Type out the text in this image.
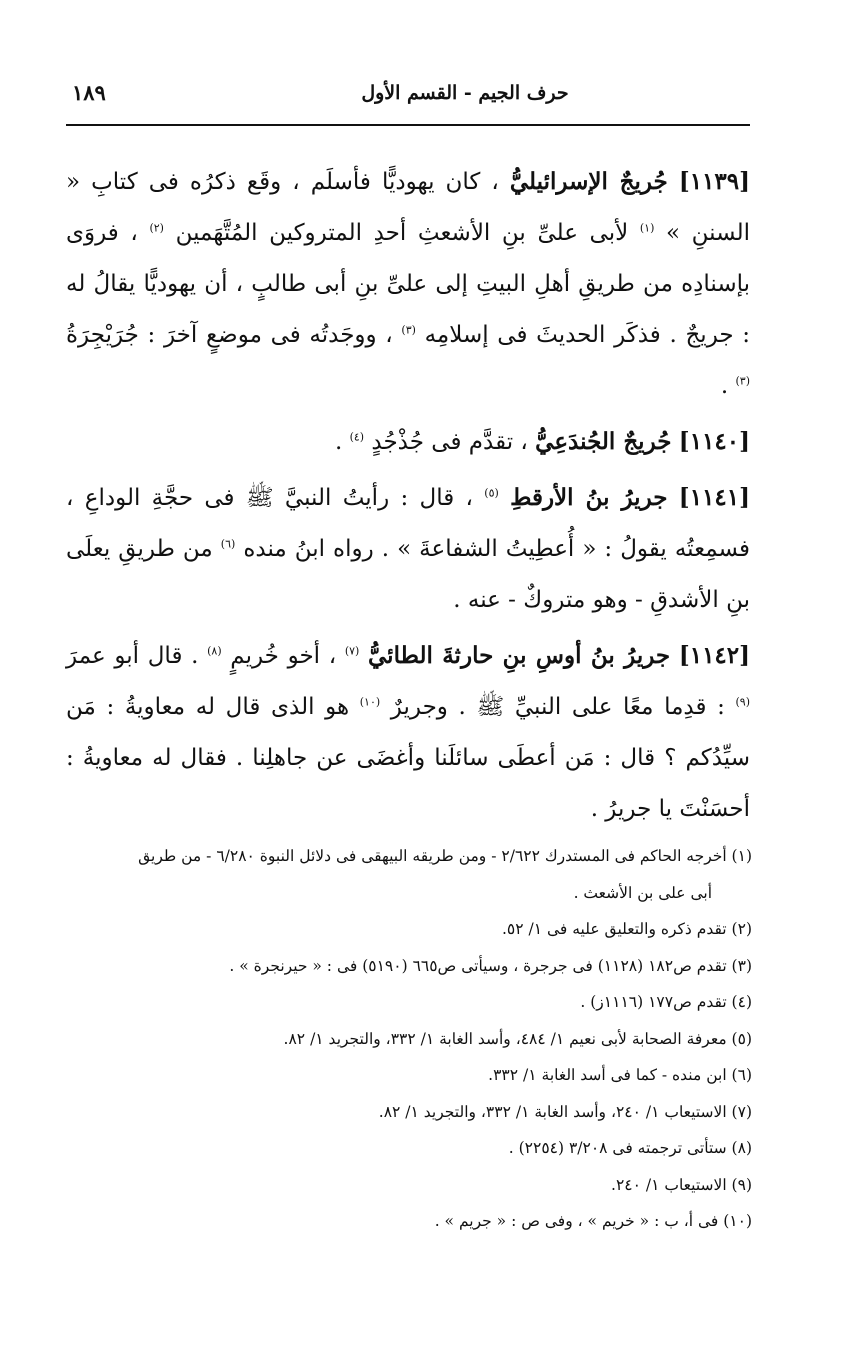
حرف الجيم - القسم الأول
١٨٩

[١١٣٩] جُريجٌ الإسرائيليُّ ، كان يهوديًّا فأسلَم ، وقَع ذكرُه فى كتابِ « السننِ » $^{(١)}$ لأبى علىِّ بنِ الأشعثِ أحدِ المتروكين المُتَّهَمين $^{(٢)}$ ، فروَى بإسنادِه من طريقِ أهلِ البيتِ إلى علىِّ بنِ أبى طالبٍ ، أن يهوديًّا يقالُ له : جريجٌ . فذكَر الحديثَ فى إسلامِه $^{(٣)}$ ، ووجَدتُه فى موضعٍ آخرَ : جُرَيْجِرَةُ $^{(٣)}$ .

[١١٤٠] جُريجٌ الجُندَعِيُّ ، تقدَّم فى جُذْجُدٍ $^{(٤)}$ .

[١١٤١] جريرُ بنُ الأرقطِ $^{(٥)}$ ، قال : رأيتُ النبيَّ ﷺ فى حجَّةِ الوداعِ ، فسمِعتُه يقولُ : « أُعطِيتُ الشفاعةَ » . رواه ابنُ منده $^{(٦)}$ من طريقِ يعلَى بنِ الأشدقِ - وهو متروكٌ - عنه .

[١١٤٢] جريرُ بنُ أوسِ بنِ حارثةَ الطائيُّ $^{(٧)}$ ، أخو خُريمٍ $^{(٨)}$ . قال أبو عمرَ $^{(٩)}$ : قدِما معًا على النبيِّ ﷺ . وجريرٌ $^{(١٠)}$ هو الذى قال له معاويةُ : مَن سيِّدُكم ؟ قال : مَن أعطَى سائلَنا وأغضَى عن جاهلِنا . فقال له معاويةُ : أحسَنْتَ يا جريرُ .

(١) أخرجه الحاكم فى المستدرك ٢/٦٢٢ - ومن طريقه البيهقى فى دلائل النبوة ٦/٢٨٠ - من طريق

أبى على بن الأشعث .

(٢) تقدم ذكره والتعليق عليه فى ١/ ٥٢.

(٣) تقدم ص١٨٢ (١١٢٨) فى جرجرة ، وسيأتى ص٦٦٥ (٥١٩٠) فى : « حيرنجرة » .

(٤) تقدم ص١٧٧ (١١١٦ز) .

(٥) معرفة الصحابة لأبى نعيم ١/ ٤٨٤، وأسد الغابة ١/ ٣٣٢، والتجريد ١/ ٨٢.

(٦) ابن منده - كما فى أسد الغابة ١/ ٣٣٢.

(٧) الاستيعاب ١/ ٢٤٠، وأسد الغابة ١/ ٣٣٢، والتجريد ١/ ٨٢.

(٨) ستأتى ترجمته فى ٣/٢٠٨ (٢٢٥٤) .

(٩) الاستيعاب ١/ ٢٤٠.

(١٠) فى أ، ب : « خريم » ، وفى ص : « جريم » .
